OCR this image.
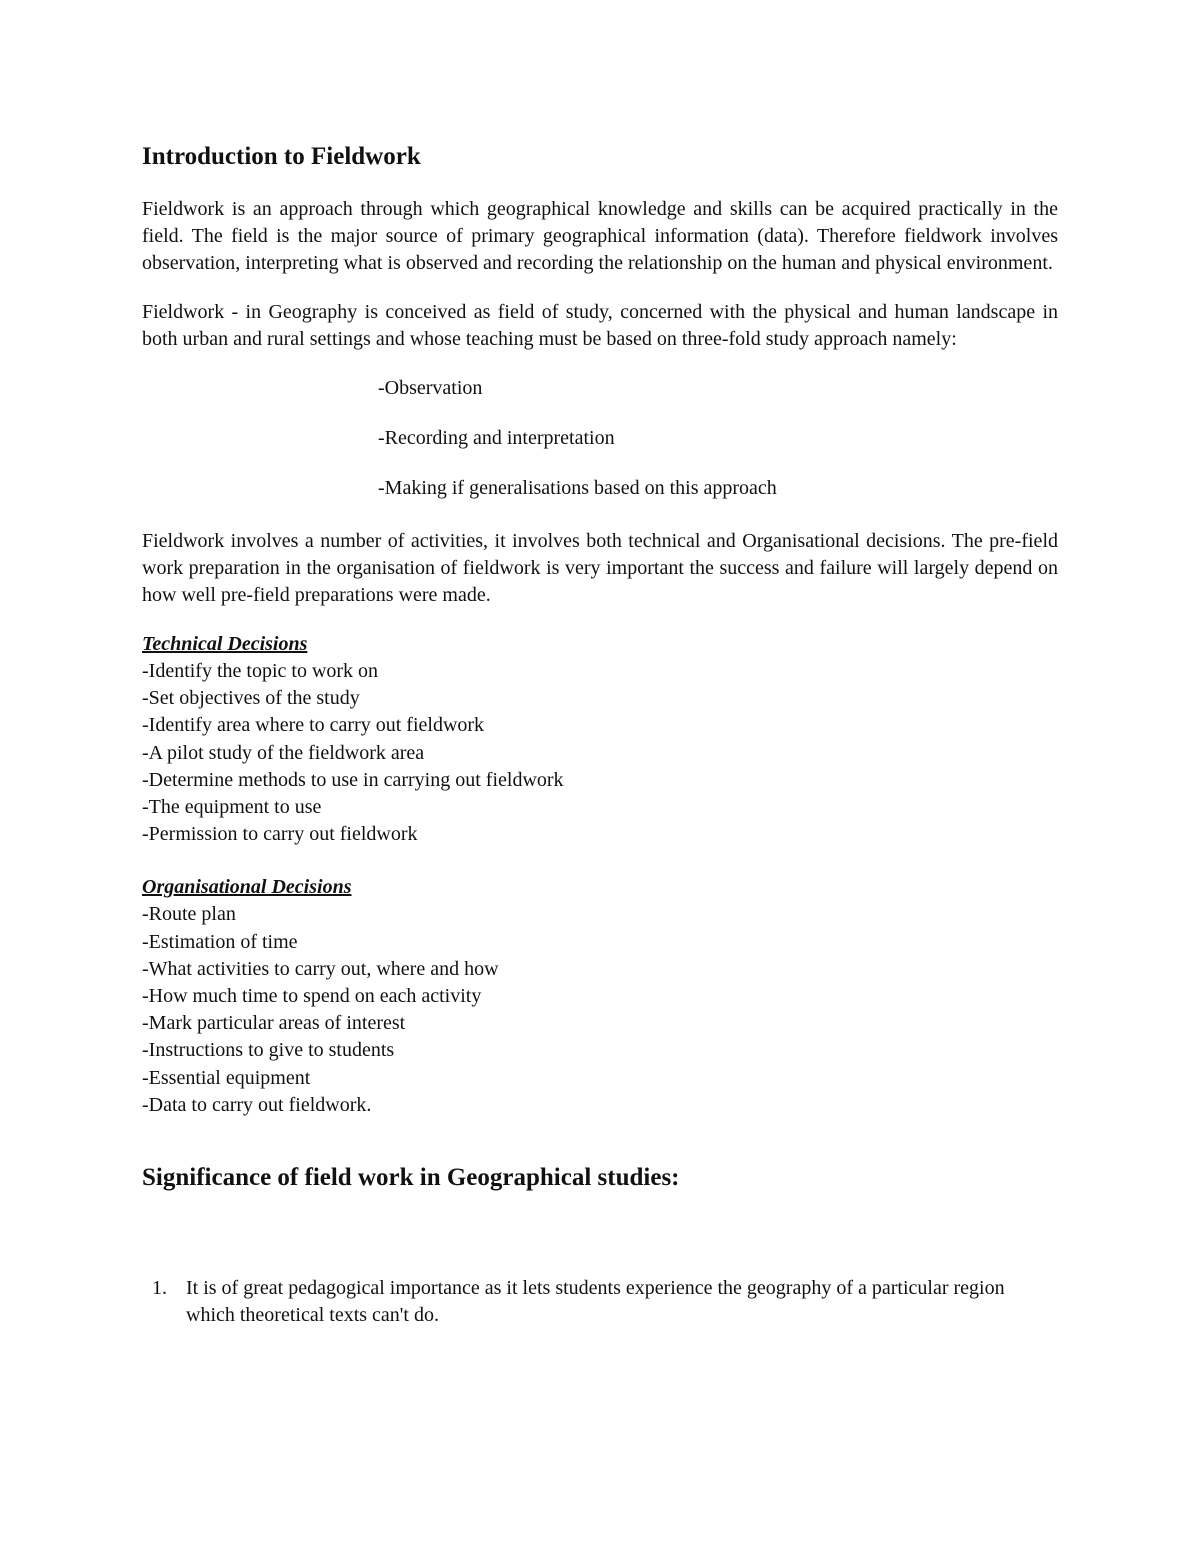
Introduction to Fieldwork

Fieldwork is an approach through which geographical knowledge and skills can be acquired practically in the field. The field is the major source of primary geographical information (data). Therefore fieldwork involves observation, interpreting what is observed and recording the relationship on the human and physical environment.

Fieldwork - in Geography is conceived as field of study, concerned with the physical and human landscape in both urban and rural settings and whose teaching must be based on three-fold study approach namely:

-Observation
-Recording and interpretation
-Making if generalisations based on this approach

Fieldwork involves a number of activities, it involves both technical and Organisational decisions. The pre-field work preparation in the organisation of fieldwork is very important the success and failure will largely depend on how well pre-field preparations were made.

Technical Decisions
-Identify the topic to work on
-Set objectives of the study
-Identify area where to carry out fieldwork
-A pilot study of the fieldwork area
-Determine methods to use in carrying out fieldwork
-The equipment to use
-Permission to carry out fieldwork
Organisational Decisions
-Route plan
-Estimation of time
-What activities to carry out, where and how
-How much time to spend on each activity
-Mark particular areas of interest
-Instructions to give to students
-Essential equipment
-Data to carry out fieldwork.
Significance of field work in Geographical studies:
1. It is of great pedagogical importance as it lets students experience the geography of a particular region which theoretical texts can't do.
